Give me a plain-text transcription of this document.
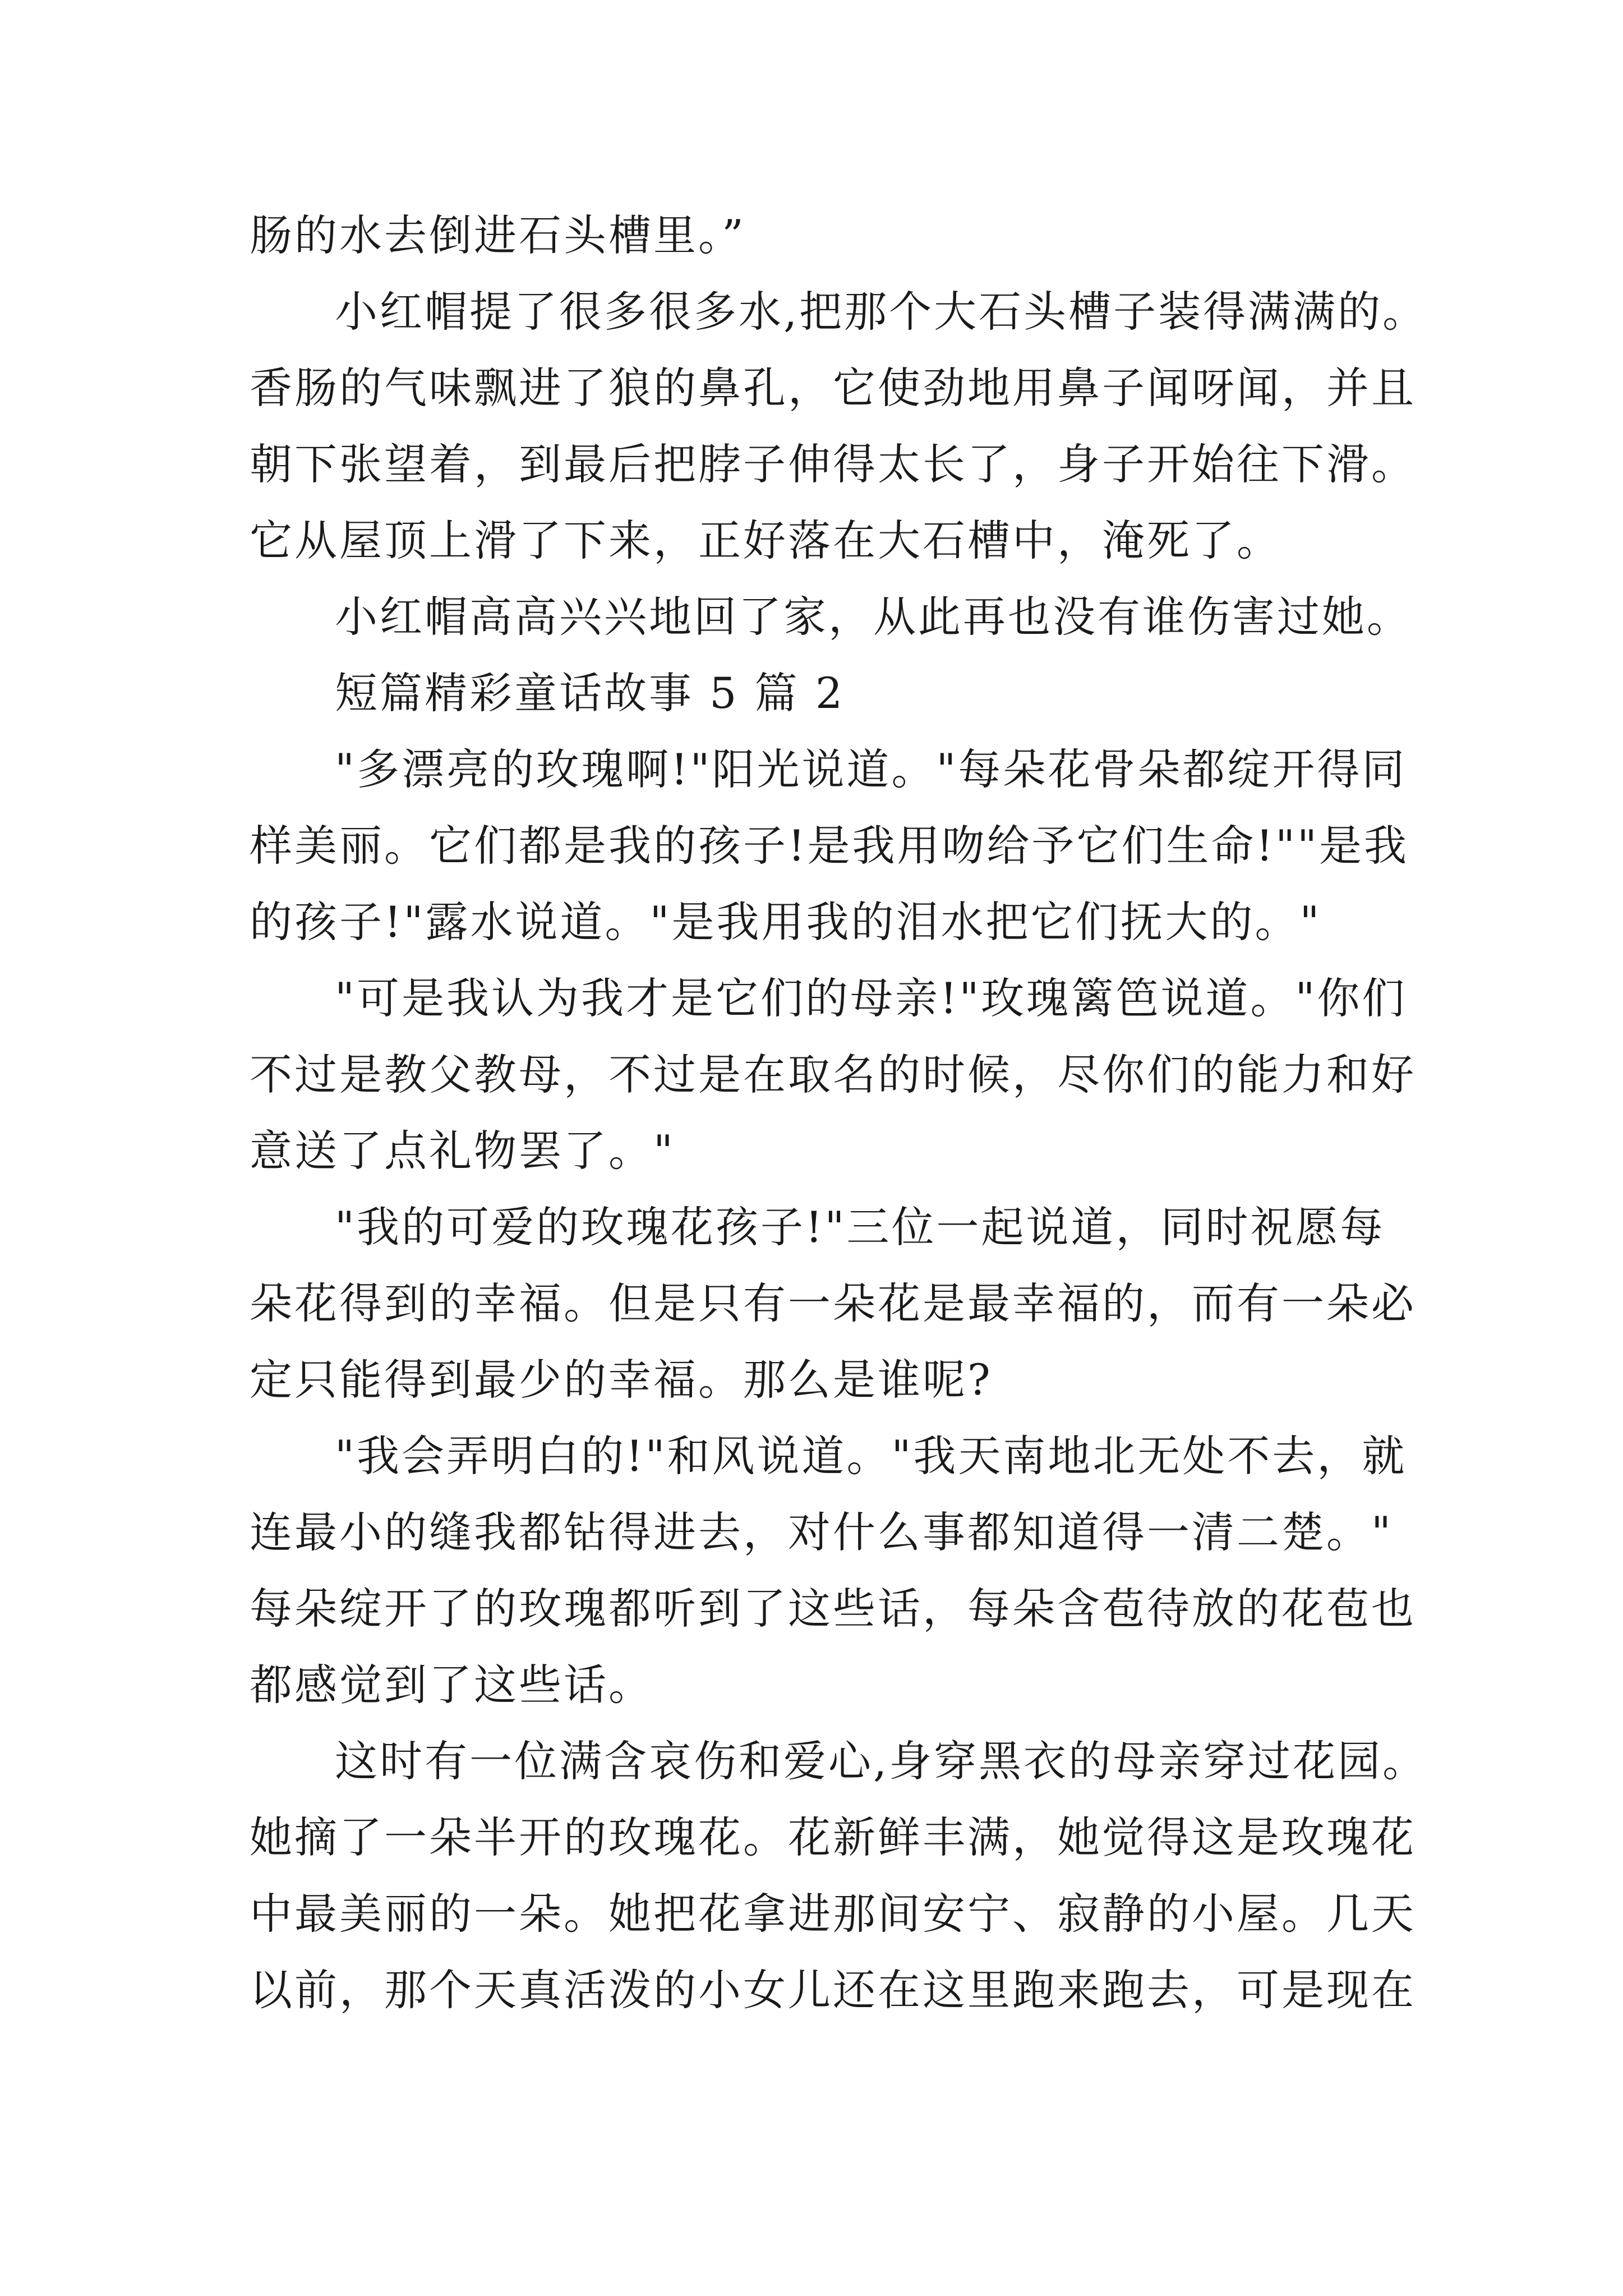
肠的水去倒进石头槽里。”
小红帽提了很多很多水,把那个大石头槽子装得满满的。
香肠的气味飘进了狼的鼻孔，它使劲地用鼻子闻呀闻，并且
朝下张望着，到最后把脖子伸得太长了，身子开始往下滑。
它从屋顶上滑了下来，正好落在大石槽中，淹死了。
小红帽高高兴兴地回了家，从此再也没有谁伤害过她。
短篇精彩童话故事 5 篇 2
"多漂亮的玫瑰啊!"阳光说道。"每朵花骨朵都绽开得同
样美丽。它们都是我的孩子!是我用吻给予它们生命!""是我
的孩子!"露水说道。"是我用我的泪水把它们抚大的。"
"可是我认为我才是它们的母亲!"玫瑰篱笆说道。"你们
不过是教父教母，不过是在取名的时候，尽你们的能力和好
意送了点礼物罢了。"
"我的可爱的玫瑰花孩子!"三位一起说道，同时祝愿每
朵花得到的幸福。但是只有一朵花是最幸福的，而有一朵必
定只能得到最少的幸福。那么是谁呢?
"我会弄明白的!"和风说道。"我天南地北无处不去，就
连最小的缝我都钻得进去，对什么事都知道得一清二楚。"
每朵绽开了的玫瑰都听到了这些话，每朵含苞待放的花苞也
都感觉到了这些话。
这时有一位满含哀伤和爱心,身穿黑衣的母亲穿过花园。
她摘了一朵半开的玫瑰花。花新鲜丰满，她觉得这是玫瑰花
中最美丽的一朵。她把花拿进那间安宁、寂静的小屋。几天
以前，那个天真活泼的小女儿还在这里跑来跑去，可是现在
